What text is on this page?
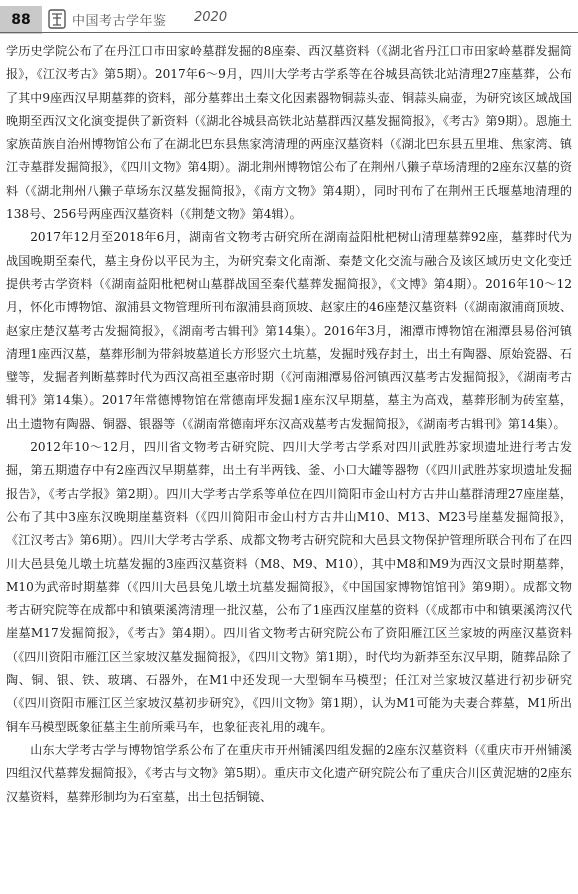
88	中国考古学年鉴 2020

学历史学院公布了在丹江口市田家岭墓群发掘的8座秦、西汉墓资料（《湖北省丹江口市田家岭墓群发掘简报》，《江汉考古》第5期）。2017年6～9月，四川大学考古学系等在谷城县高铁北站清理27座墓葬，公布了其中9座西汉早期墓葬的资料，部分墓葬出土秦文化因素器物铜蒜头壶、铜蒜头扁壶，为研究该区域战国晚期至西汉文化演变提供了新资料（《湖北谷城县高铁北站墓群西汉墓发掘简报》，《考古》第9期）。恩施土家族苗族自治州博物馆公布了在湖北巴东县焦家湾清理的两座汉墓资料（《湖北巴东县五里堆、焦家湾、镇江寺墓群发掘简报》，《四川文物》第4期）。湖北荆州博物馆公布了在荆州八獭子草场清理的2座东汉墓的资料（《湖北荆州八獭子草场东汉墓发掘简报》，《南方文物》第4期），同时刊布了在荆州王氏堰墓地清理的138号、256号两座西汉墓资料（《荆楚文物》第4辑）。

2017年12月至2018年6月，湖南省文物考古研究所在湖南益阳枇杷树山清理墓葬92座，墓葬时代为战国晚期至秦代，墓主身份以平民为主，为研究秦文化南渐、秦楚文化交流与融合及该区域历史文化变迁提供考古学资料（《湖南益阳枇杷树山墓群战国至秦代墓葬发掘简报》，《文博》第4期）。2016年10～12月，怀化市博物馆、溆浦县文物管理所刊布溆浦县商顶坡、赵家庄的46座楚汉墓资料（《湖南溆浦商顶坡、赵家庄楚汉墓考古发掘简报》，《湖南考古辑刊》第14集）。2016年3月，湘潭市博物馆在湘潭县易俗河镇清理1座西汉墓，墓葬形制为带斜坡墓道长方形竖穴土坑墓，发掘时残存封土，出土有陶器、原始瓷器、石璧等，发掘者判断墓葬时代为西汉高祖至惠帝时期（《河南湘潭易俗河镇西汉墓考古发掘简报》，《湖南考古辑刊》第14集）。2017年常德博物馆在常德南坪发掘1座东汉早期墓，墓主为高戏，墓葬形制为砖室墓，出土遗物有陶器、铜器、银器等（《湖南常德南坪东汉高戏墓考古发掘简报》，《湖南考古辑刊》第14集）。

2012年10～12月，四川省文物考古研究院、四川大学考古学系对四川武胜苏家坝遗址进行考古发掘，第五期遗存中有2座西汉早期墓葬，出土有半两钱、釜、小口大罐等器物（《四川武胜苏家坝遗址发掘报告》，《考古学报》第2期）。四川大学考古学系等单位在四川简阳市金山村方古井山墓群清理27座崖墓，公布了其中3座东汉晚期崖墓资料（《四川简阳市金山村方古井山M10、M13、M23号崖墓发掘简报》，《江汉考古》第6期）。四川大学考古学系、成都文物考古研究院和大邑县文物保护管理所联合刊布了在四川大邑县兔儿墩土坑墓发掘的3座西汉墓资料（M8、M9、M10），其中M8和M9为西汉文景时期墓葬，M10为武帝时期墓葬（《四川大邑县兔儿墩土坑墓发掘简报》，《中国国家博物馆馆刊》第9期）。成都文物考古研究院等在成都中和镇栗溪湾清理一批汉墓，公布了1座西汉崖墓的资料（《成都市中和镇栗溪湾汉代崖墓M17发掘简报》，《考古》第4期）。四川省文物考古研究院公布了资阳雁江区兰家坡的两座汉墓资料（《四川资阳市雁江区兰家坡汉墓发掘简报》，《四川文物》第1期），时代均为新莽至东汉早期，随葬品除了陶、铜、银、铁、玻璃、石器外，在M1中还发现一大型铜车马模型；任江对兰家坡汉墓进行初步研究（《四川资阳市雁江区兰家坡汉墓初步研究》，《四川文物》第1期），认为M1可能为夫妻合葬墓，M1所出铜车马模型既象征墓主生前所乘马车，也象征丧礼用的魂车。

山东大学考古学与博物馆学系公布了在重庆市开州铺溪四组发掘的2座东汉墓资料（《重庆市开州铺溪四组汉代墓葬发掘简报》，《考古与文物》第5期）。重庆市文化遗产研究院公布了重庆合川区黄泥塘的2座东汉墓资料，墓葬形制均为石室墓，出土包括铜镜、
